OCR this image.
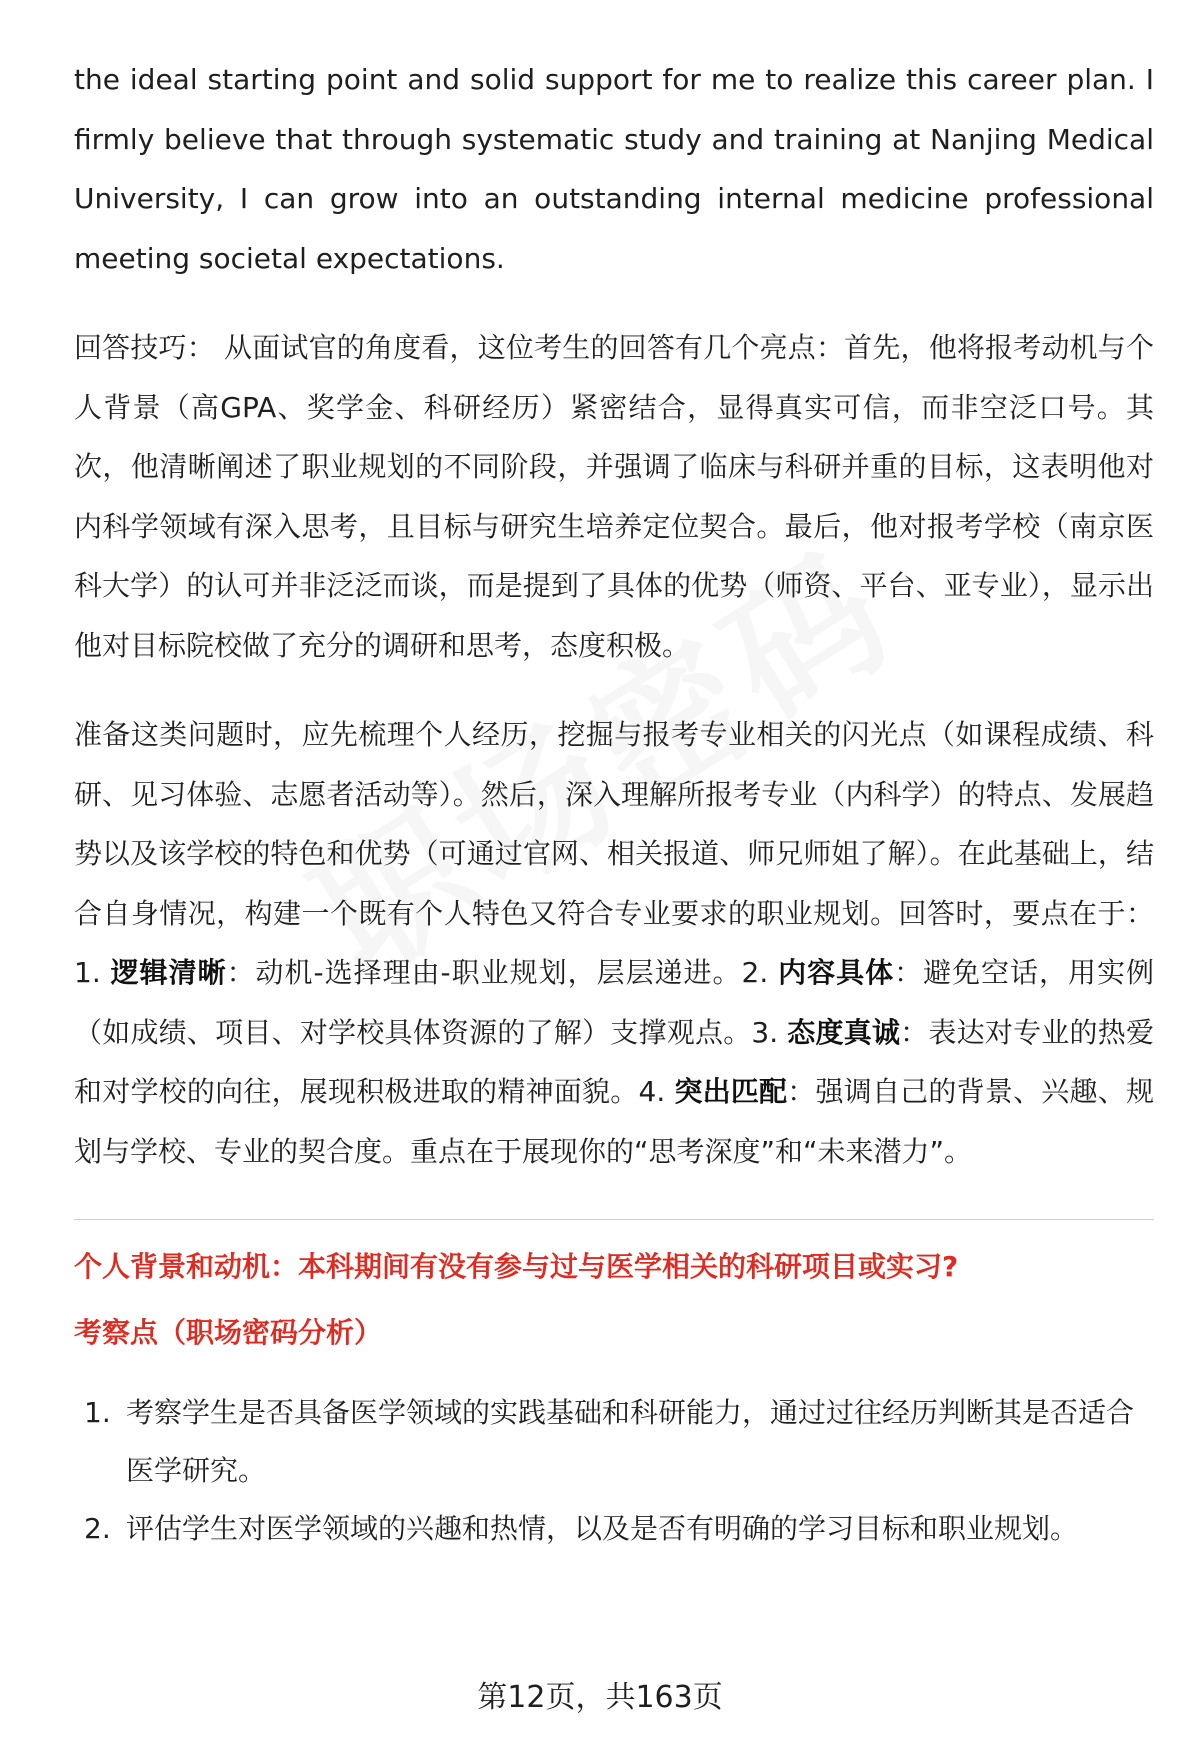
the ideal starting point and solid support for me to realize this career plan. I firmly believe that through systematic study and training at Nanjing Medical University, I can grow into an outstanding internal medicine professional meeting societal expectations.

回答技巧： 从面试官的角度看，这位考生的回答有几个亮点：首先，他将报考动机与个人背景（高GPA、奖学金、科研经历）紧密结合，显得真实可信，而非空泛口号。其次，他清晰阐述了职业规划的不同阶段，并强调了临床与科研并重的目标，这表明他对内科学领域有深入思考，且目标与研究生培养定位契合。最后，他对报考学校（南京医科大学）的认可并非泛泛而谈，而是提到了具体的优势（师资、平台、亚专业），显示出他对目标院校做了充分的调研和思考，态度积极。

准备这类问题时，应先梳理个人经历，挖掘与报考专业相关的闪光点（如课程成绩、科研、见习体验、志愿者活动等）。然后，深入理解所报考专业（内科学）的特点、发展趋势以及该学校的特色和优势（可通过官网、相关报道、师兄师姐了解）。在此基础上，结合自身情况，构建一个既有个人特色又符合专业要求的职业规划。回答时，要点在于：1. 逻辑清晰：动机-选择理由-职业规划，层层递进。2. 内容具体：避免空话，用实例（如成绩、项目、对学校具体资源的了解）支撑观点。3. 态度真诚：表达对专业的热爱和对学校的向往，展现积极进取的精神面貌。4. 突出匹配：强调自己的背景、兴趣、规划与学校、专业的契合度。重点在于展现你的“思考深度”和“未来潜力”。

个人背景和动机：本科期间有没有参与过与医学相关的科研项目或实习?

考察点（职场密码分析）

1. 考察学生是否具备医学领域的实践基础和科研能力，通过过往经历判断其是否适合医学研究。
2. 评估学生对医学领域的兴趣和热情，以及是否有明确的学习目标和职业规划。
第12页，共163页
